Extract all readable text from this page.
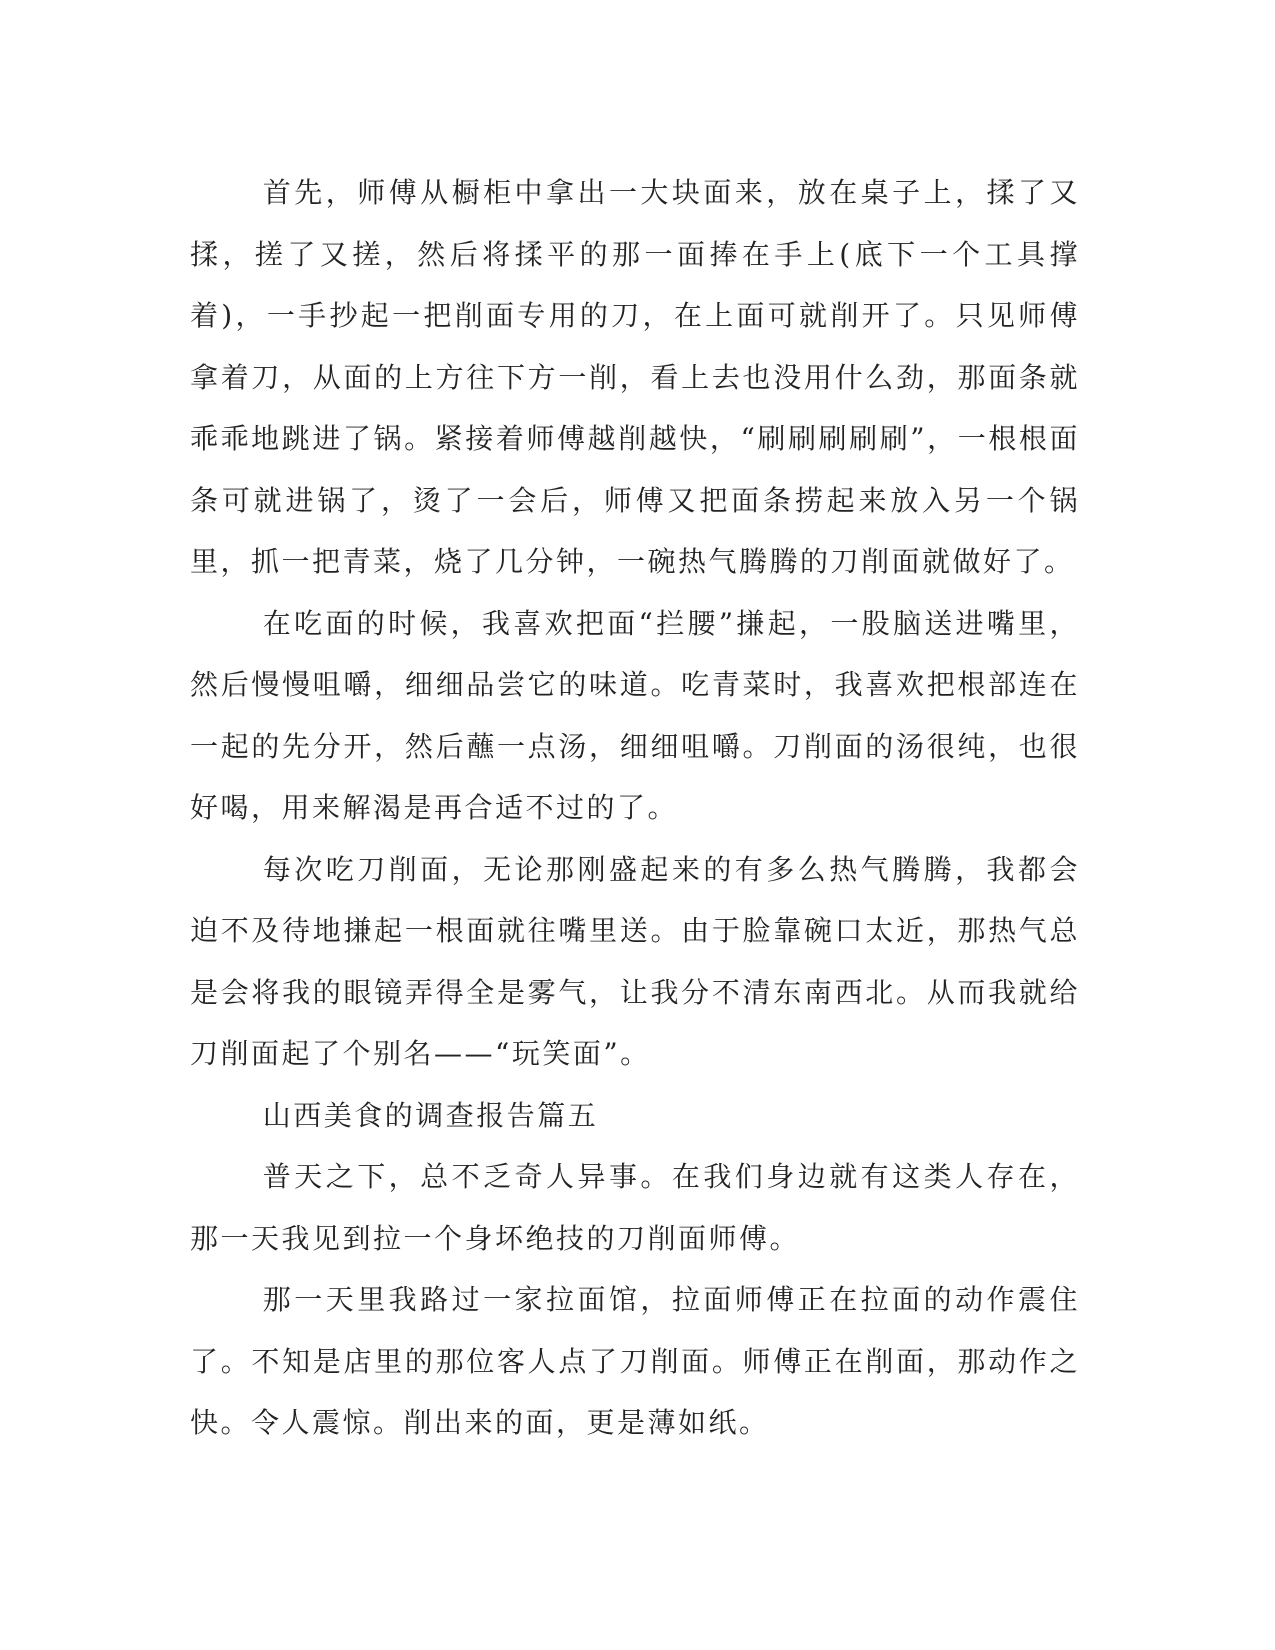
首先，师傅从橱柜中拿出一大块面来，放在桌子上，揉了又揉，搓了又搓，然后将揉平的那一面捧在手上(底下一个工具撑着)，一手抄起一把削面专用的刀，在上面可就削开了。只见师傅拿着刀，从面的上方往下方一削，看上去也没用什么劲，那面条就乖乖地跳进了锅。紧接着师傅越削越快，“刷刷刷刷刷”，一根根面条可就进锅了，烫了一会后，师傅又把面条捞起来放入另一个锅里，抓一把青菜，烧了几分钟，一碗热气腾腾的刀削面就做好了。

在吃面的时候，我喜欢把面“拦腰”搛起，一股脑送进嘴里，然后慢慢咀嚼，细细品尝它的味道。吃青菜时，我喜欢把根部连在一起的先分开，然后蘸一点汤，细细咀嚼。刀削面的汤很纯，也很好喝，用来解渴是再合适不过的了。

每次吃刀削面，无论那刚盛起来的有多么热气腾腾，我都会迫不及待地搛起一根面就往嘴里送。由于脸靠碗口太近，那热气总是会将我的眼镜弄得全是雾气，让我分不清东南西北。从而我就给刀削面起了个别名——“玩笑面”。

山西美食的调查报告篇五

普天之下，总不乏奇人异事。在我们身边就有这类人存在，那一天我见到拉一个身坏绝技的刀削面师傅。

那一天里我路过一家拉面馆，拉面师傅正在拉面的动作震住了。不知是店里的那位客人点了刀削面。师傅正在削面，那动作之快。令人震惊。削出来的面，更是薄如纸。
